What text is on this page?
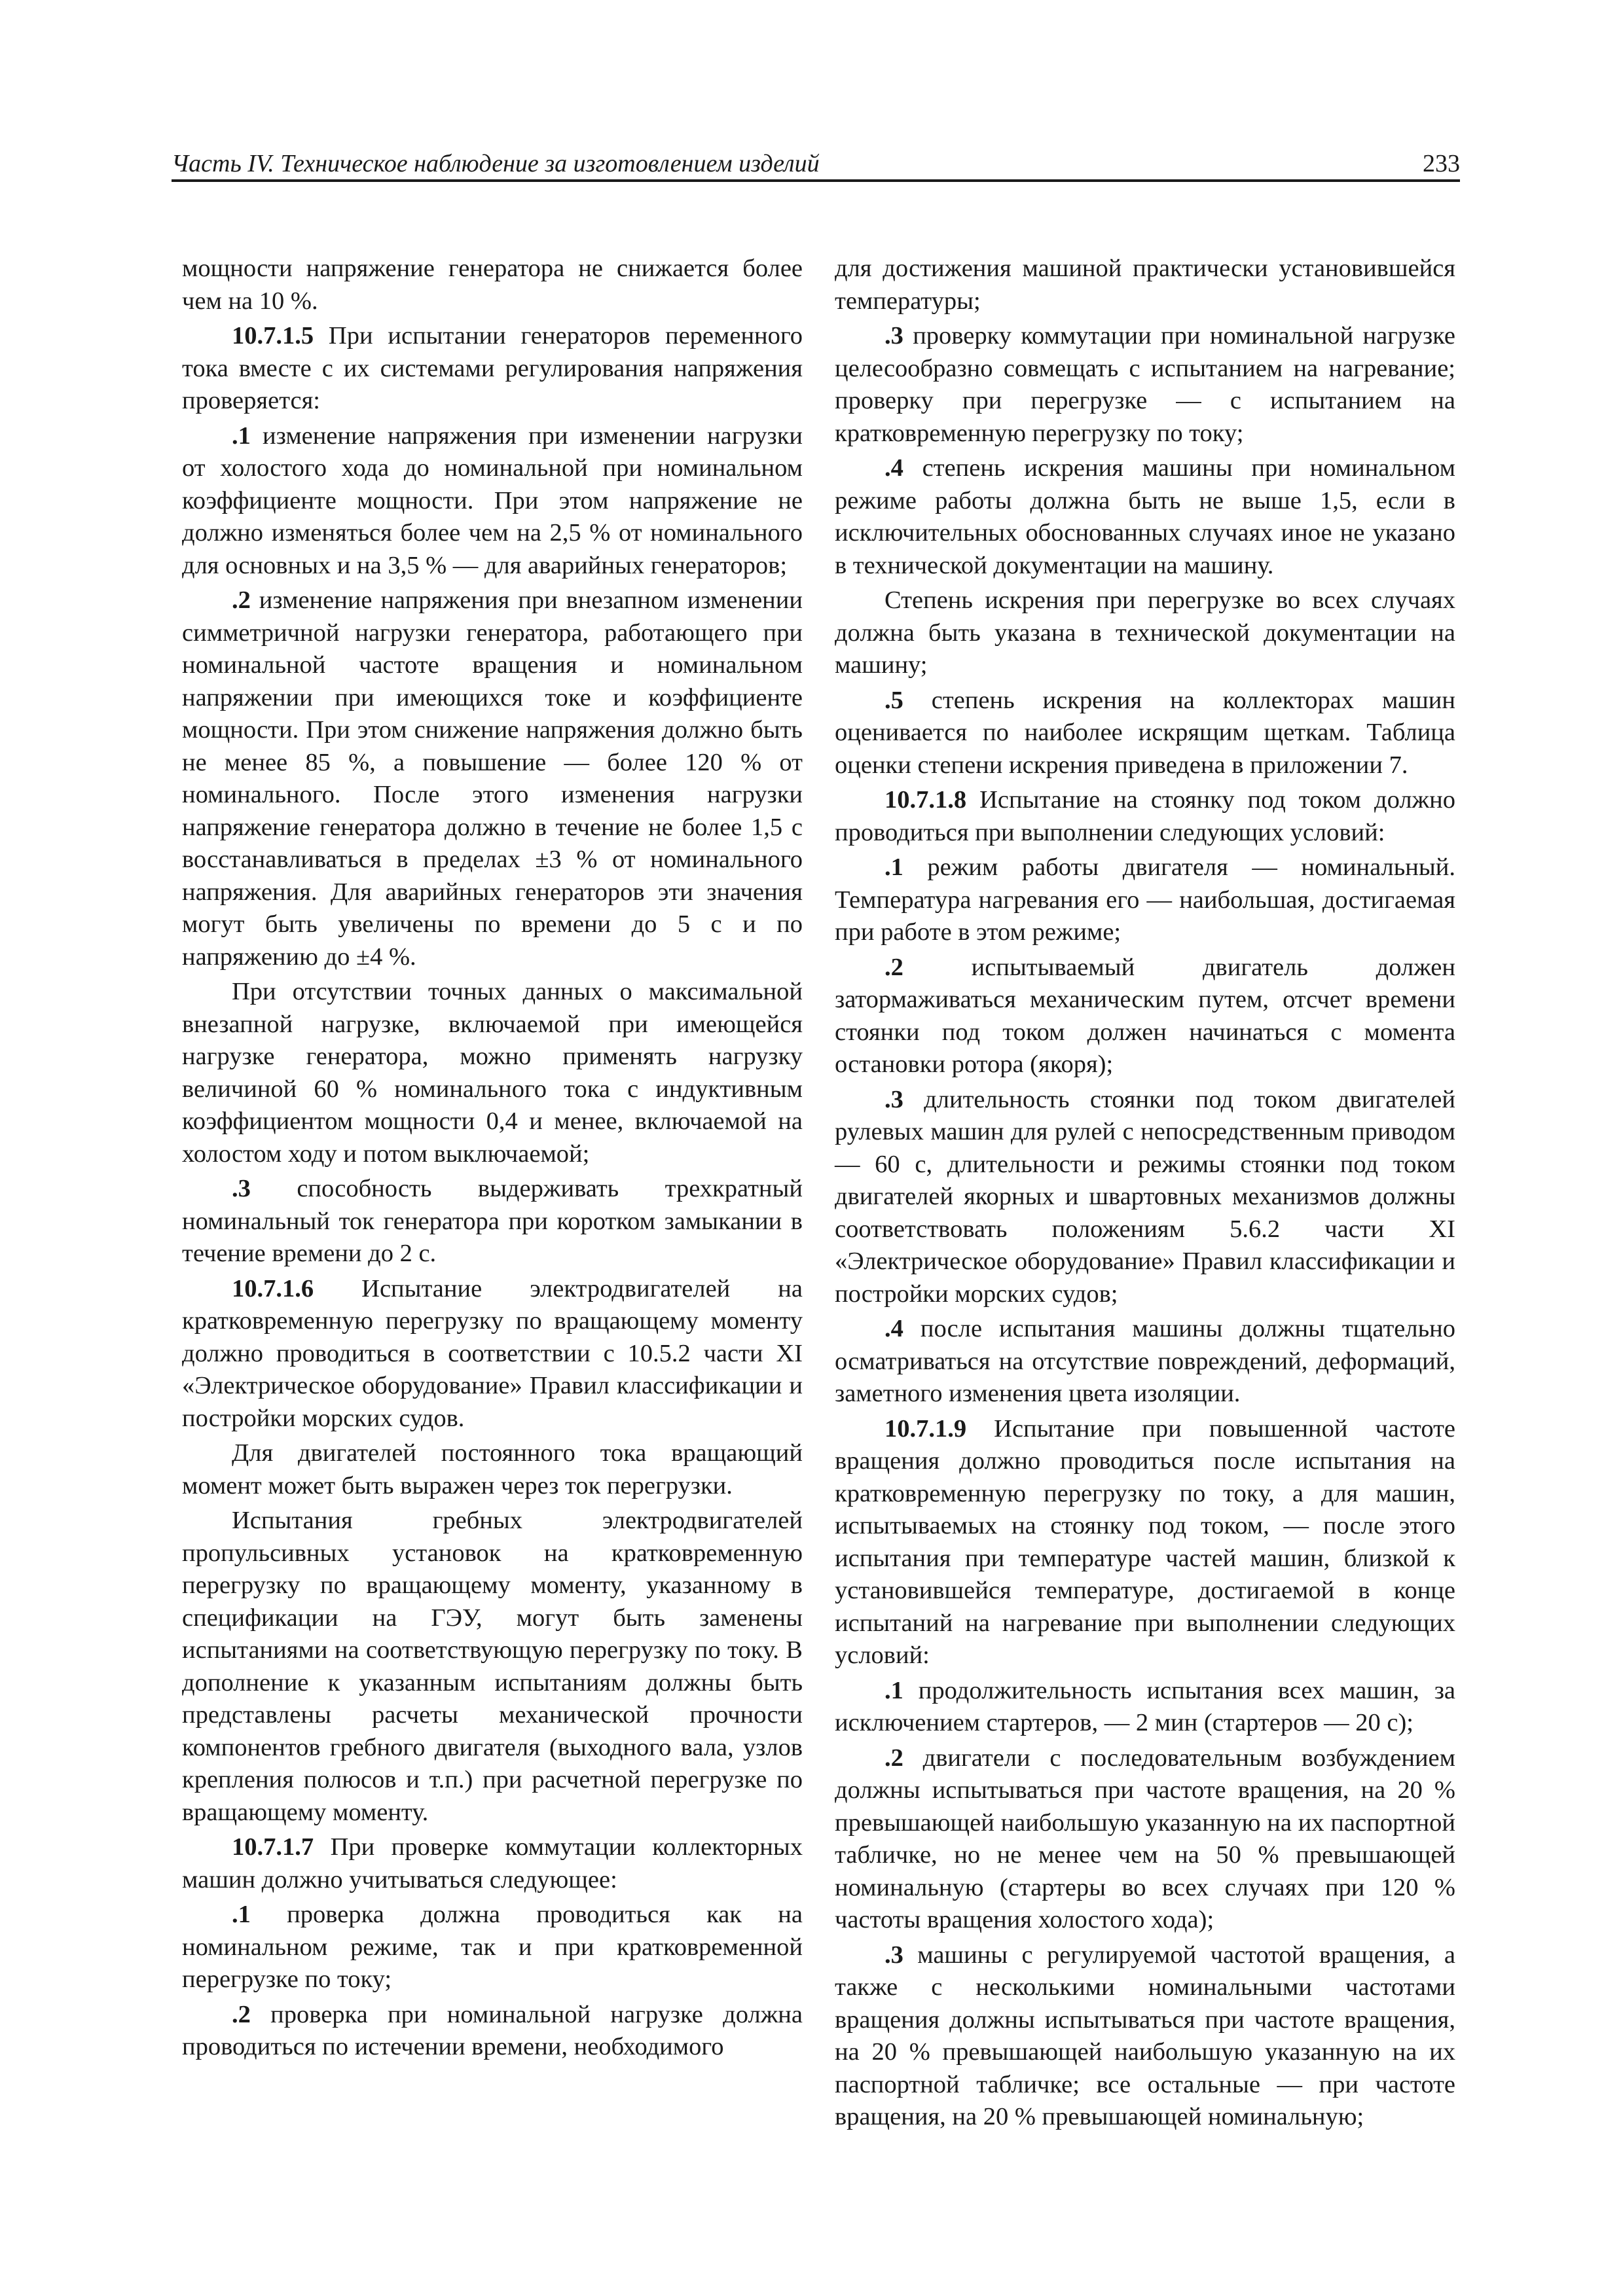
Часть IV. Техническое наблюдение за изготовлением изделий	233

мощности напряжение генератора не снижается более чем на 10 %.

10.7.1.5 При испытании генераторов переменного тока вместе с их системами регулирования напряжения проверяется:

.1 изменение напряжения при изменении нагрузки от холостого хода до номинальной при номинальном коэффициенте мощности. При этом напряжение не должно изменяться более чем на 2,5 % от номинального для основных и на 3,5 % — для аварийных генераторов;

.2 изменение напряжения при внезапном изменении симметричной нагрузки генератора, работающего при номинальной частоте вращения и номинальном напряжении при имеющихся токе и коэффициенте мощности. При этом снижение напряжения должно быть не менее 85 %, а повышение — более 120 % от номинального. После этого изменения нагрузки напряжение генератора должно в течение не более 1,5 с восстанавливаться в пределах ±3 % от номинального напряжения. Для аварийных генераторов эти значения могут быть увеличены по времени до 5 с и по напряжению до ±4 %.

При отсутствии точных данных о максимальной внезапной нагрузке, включаемой при имеющейся нагрузке генератора, можно применять нагрузку величиной 60 % номинального тока с индуктивным коэффициентом мощности 0,4 и менее, включаемой на холостом ходу и потом выключаемой;

.3 способность выдерживать трехкратный номинальный ток генератора при коротком замыкании в течение времени до 2 с.

10.7.1.6 Испытание электродвигателей на кратковременную перегрузку по вращающему моменту должно проводиться в соответствии с 10.5.2 части XI «Электрическое оборудование» Правил классификации и постройки морских судов.

Для двигателей постоянного тока вращающий момент может быть выражен через ток перегрузки.

Испытания гребных электродвигателей пропульсивных установок на кратковременную перегрузку по вращающему моменту, указанному в спецификации на ГЭУ, могут быть заменены испытаниями на соответствующую перегрузку по току. В дополнение к указанным испытаниям должны быть представлены расчеты механической прочности компонентов гребного двигателя (выходного вала, узлов крепления полюсов и т.п.) при расчетной перегрузке по вращающему моменту.

10.7.1.7 При проверке коммутации коллекторных машин должно учитываться следующее:

.1 проверка должна проводиться как на номинальном режиме, так и при кратковременной перегрузке по току;

.2 проверка при номинальной нагрузке должна проводиться по истечении времени, необходимого

для достижения машиной практически установившейся температуры;

.3 проверку коммутации при номинальной нагрузке целесообразно совмещать с испытанием на нагревание; проверку при перегрузке — с испытанием на кратковременную перегрузку по току;

.4 степень искрения машины при номинальном режиме работы должна быть не выше 1,5, если в исключительных обоснованных случаях иное не указано в технической документации на машину.

Степень искрения при перегрузке во всех случаях должна быть указана в технической документации на машину;

.5 степень искрения на коллекторах машин оценивается по наиболее искрящим щеткам. Таблица оценки степени искрения приведена в приложении 7.

10.7.1.8 Испытание на стоянку под током должно проводиться при выполнении следующих условий:

.1 режим работы двигателя — номинальный. Температура нагревания его — наибольшая, достигаемая при работе в этом режиме;

.2 испытываемый двигатель должен затормаживаться механическим путем, отсчет времени стоянки под током должен начинаться с момента остановки ротора (якоря);

.3 длительность стоянки под током двигателей рулевых машин для рулей с непосредственным приводом — 60 с, длительности и режимы стоянки под током двигателей якорных и швартовных механизмов должны соответствовать положениям 5.6.2 части XI «Электрическое оборудование» Правил классификации и постройки морских судов;

.4 после испытания машины должны тщательно осматриваться на отсутствие повреждений, деформаций, заметного изменения цвета изоляции.

10.7.1.9 Испытание при повышенной частоте вращения должно проводиться после испытания на кратковременную перегрузку по току, а для машин, испытываемых на стоянку под током, — после этого испытания при температуре частей машин, близкой к установившейся температуре, достигаемой в конце испытаний на нагревание при выполнении следующих условий:

.1 продолжительность испытания всех машин, за исключением стартеров, — 2 мин (стартеров — 20 с);

.2 двигатели с последовательным возбуждением должны испытываться при частоте вращения, на 20 % превышающей наибольшую указанную на их паспортной табличке, но не менее чем на 50 % превышающей номинальную (стартеры во всех случаях при 120 % частоты вращения холостого хода);

.3 машины с регулируемой частотой вращения, а также с несколькими номинальными частотами вращения должны испытываться при частоте вращения, на 20 % превышающей наибольшую указанную на их паспортной табличке; все остальные — при частоте вращения, на 20 % превышающей номинальную;
